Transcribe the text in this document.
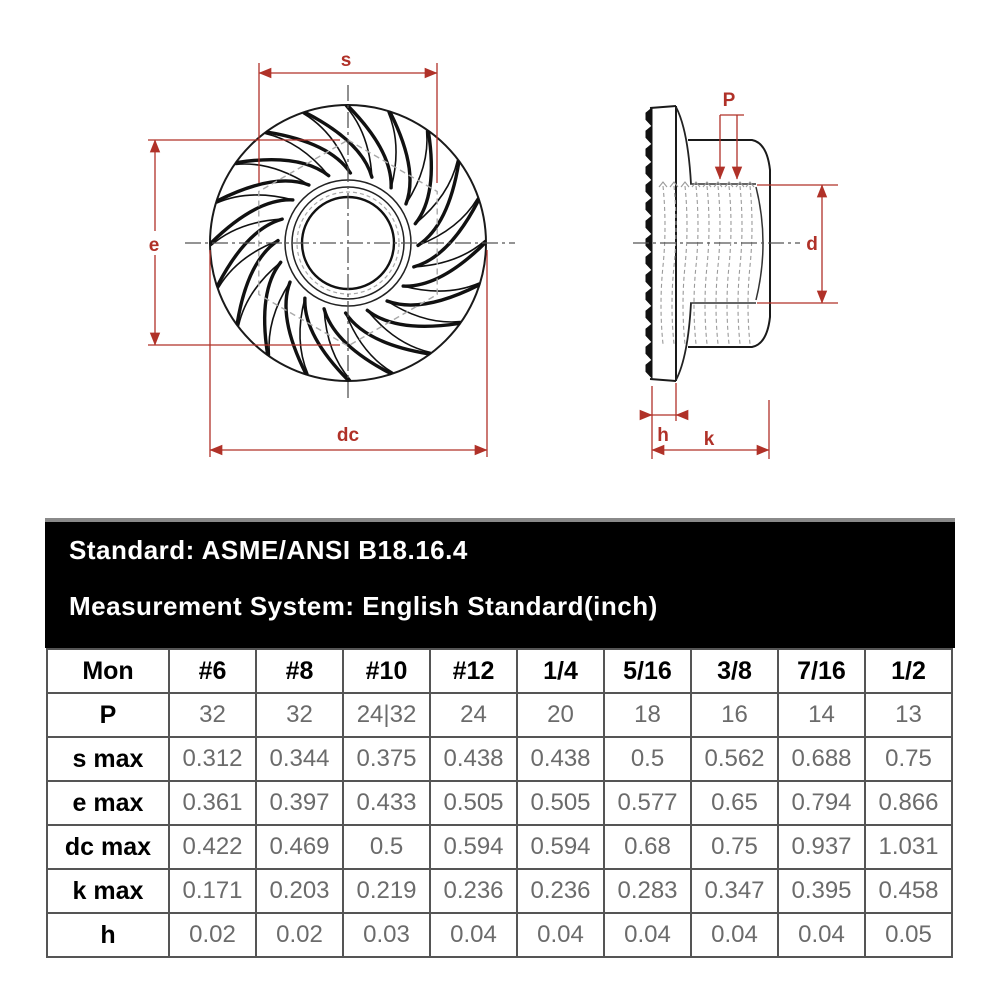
s
e
dc
P
d
h k
Standard: ASME/ANSI B18.16.4
Measurement System: English Standard(inch)
Mon	#6	#8	#10	#12	1/4	5/16	3/8	7/16	1/2
P	32	32	24|32	24	20	18	16	14	13
s max	0.312	0.344	0.375	0.438	0.438	0.5	0.562	0.688	0.75
e max	0.361	0.397	0.433	0.505	0.505	0.577	0.65	0.794	0.866
dc max	0.422	0.469	0.5	0.594	0.594	0.68	0.75	0.937	1.031
k max	0.171	0.203	0.219	0.236	0.236	0.283	0.347	0.395	0.458
h	0.02	0.02	0.03	0.04	0.04	0.04	0.04	0.04	0.05
